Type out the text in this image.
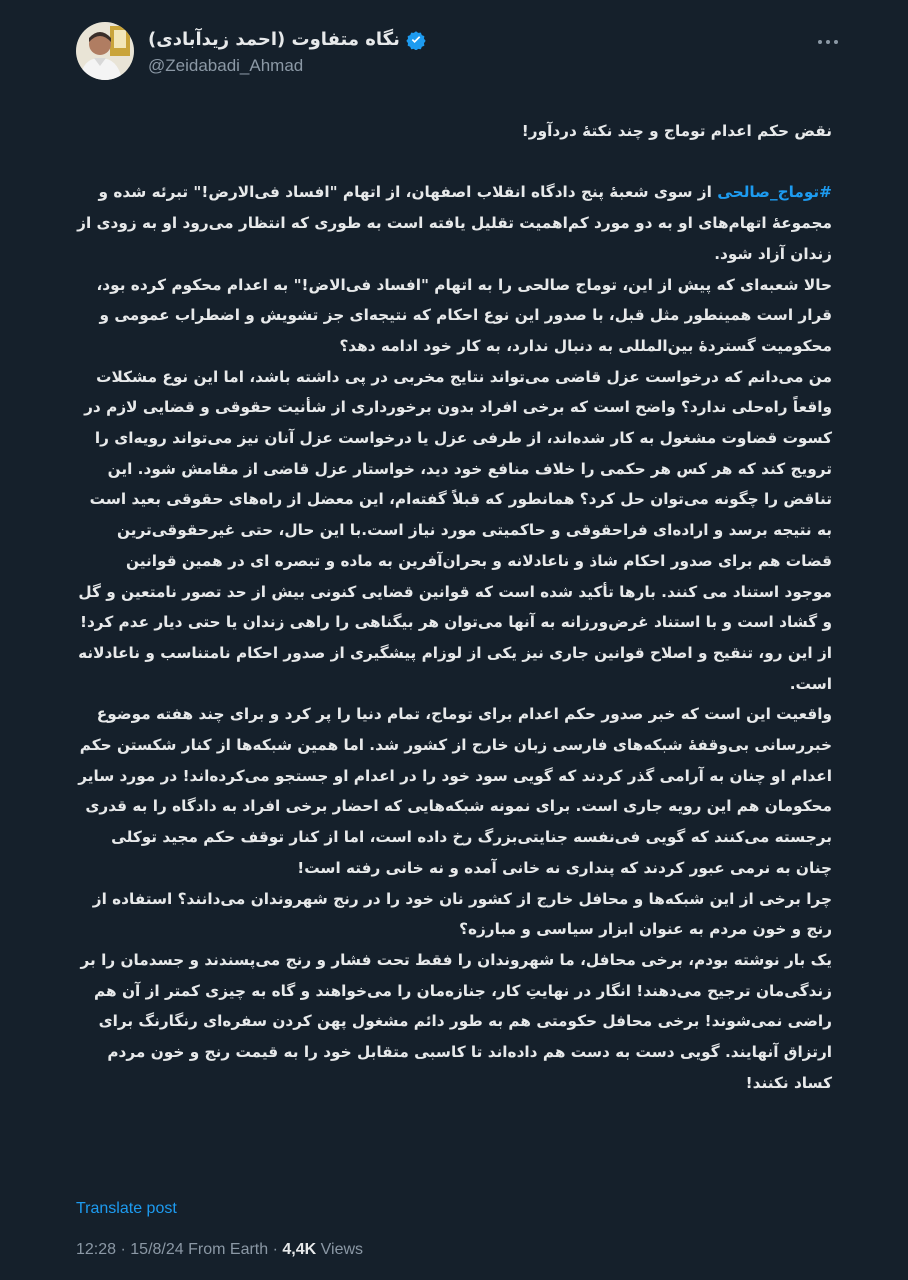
نگاه متفاوت (احمد زیدآبادی)
@Zeidabadi_Ahmad

نقض حکم اعدام توماج و چند نکتهٔ دردآور!

#توماج_صالحی از سوی شعبهٔ پنج دادگاه انقلاب اصفهان، از اتهام "افساد فی‌الارض!" تبرئه شده و مجموعهٔ اتهام‌های او به دو مورد کم‌اهمیت تقلیل یافته است به طوری که انتظار می‌رود او به زودی از زندان آزاد شود.

حالا شعبه‌ای که پیش از این، توماج صالحی را به اتهام "افساد فی‌الاض!" به اعدام محکوم کرده بود، قرار است همینطور مثل قبل، با صدور این نوع احکام که نتیجه‌ای جز تشویش و اضطراب عمومی و محکومیت گستردهٔ بین‌المللی به دنبال ندارد، به کار خود ادامه دهد؟

من می‌دانم که درخواست عزل قاضی می‌تواند نتایج مخربی در پی داشته باشد، اما این نوع مشکلات واقعاً راه‌حلی ندارد؟ واضح است که برخی افراد بدون برخورداری از شأنیت حقوقی و قضایی لازم در کسوت قضاوت مشغول به کار شده‌اند، از طرفی عزل یا درخواست عزل آنان نیز می‌تواند رویه‌ای را ترویج کند که هر کس هر حکمی را خلاف منافع خود دید، خواستار عزل قاضی از مقامش شود. این تناقض را چگونه می‌توان حل کرد؟ همانطور که قبلاً گفته‌ام، این معضل از راه‌های حقوقی بعید است به نتیجه برسد و اراده‌ای فراحقوقی و حاکمیتی مورد نیاز است.با این حال، حتی غیرحقوقی‌ترین قضات هم برای صدور احکام شاذ و ناعادلانه و بحران‌آفرین به ماده و تبصره ای در همین قوانین موجود استناد می کنند. بارها تأکید شده است که قوانین قضایی کنونی بیش از حد تصور نامتعین و گل و گشاد است و با استناد غرض‌ورزانه به آنها می‌توان هر بیگناهی را راهی زندان یا حتی دیار عدم کرد! از این رو، تنقیح و اصلاح قوانین جاری نیز یکی از لوزام پیشگیری از صدور احکام نامتناسب و ناعادلانه است.

واقعیت این است که خبر صدور حکم اعدام برای توماج، تمام دنیا را پر کرد و برای چند هفته موضوع خبررسانی بی‌وقفهٔ شبکه‌های فارسی زبان خارج از کشور شد. اما همین شبکه‌ها از کنار شکستن حکم اعدام او چنان به آرامی گذر کردند که گویی سود خود را در اعدام او جستجو می‌کرده‌اند! در مورد سایر محکومان هم این رویه جاری است. برای نمونه شبکه‌هایی که احضار برخی افراد به دادگاه را به قدری برجسته می‌کنند که گویی فی‌نفسه جنایتی‌بزرگ رخ داده است، اما از کنار توقف حکم مجید توکلی چنان به نرمی عبور کردند که پنداری نه خانی آمده و نه خانی رفته است!

چرا برخی از این شبکه‌ها و محافل خارج از کشور نان خود را در رنج شهروندان می‌دانند؟ استفاده از رنج و خون مردم به عنوان ابزار سیاسی و مبارزه؟

یک بار نوشته بودم، برخی محافل، ما شهروندان را فقط تحت فشار و رنج می‌پسندند و جسدمان را بر زندگی‌مان ترجیح می‌دهند! انگار در نهایتِ کار، جنازه‌مان را می‌خواهند و گاه به چیزی کمتر از آن هم راضی نمی‌شوند! برخی محافل حکومتی هم به طور دائم مشغول پهن کردن سفره‌ای رنگارنگ برای ارتزاق آنهایند. گویی دست به دست هم داده‌اند تا کاسبی متقابل خود را به قیمت رنج و خون مردم کساد نکنند!

Translate post
12:28 · 15/8/24 From Earth · 4,4K Views
